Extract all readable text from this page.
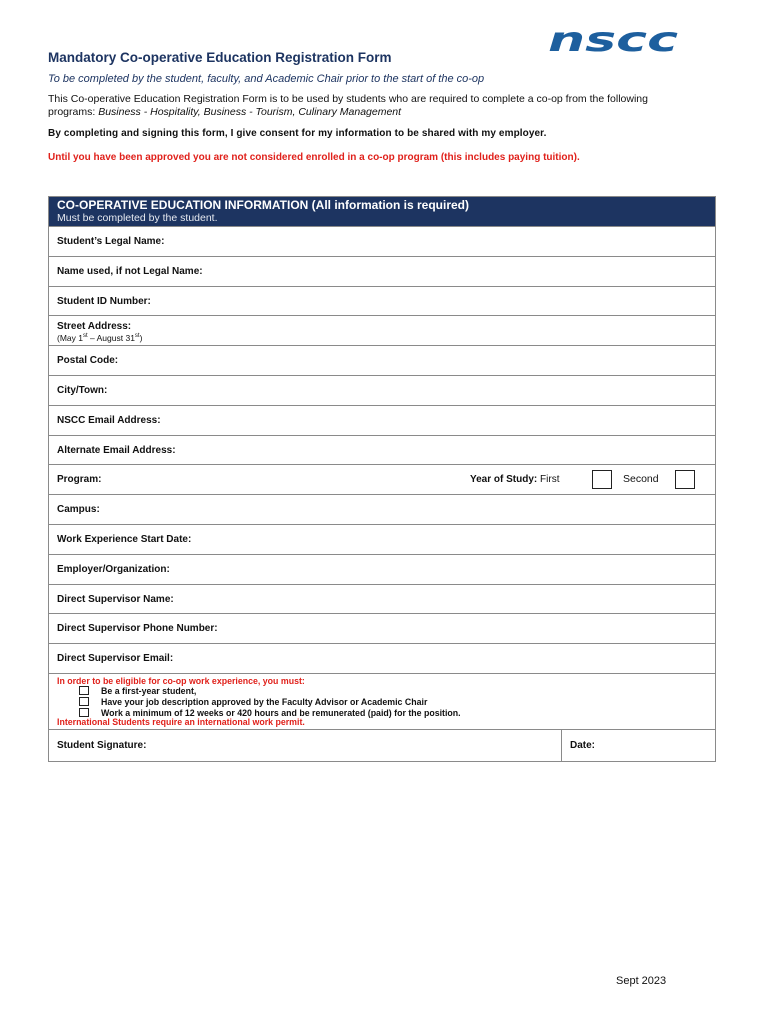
nscc
Mandatory Co-operative Education Registration Form
To be completed by the student, faculty, and Academic Chair prior to the start of the co-op
This Co-operative Education Registration Form is to be used by students who are required to complete a co-op from the following programs: Business - Hospitality, Business - Tourism, Culinary Management
By completing and signing this form, I give consent for my information to be shared with my employer.
Until you have been approved you are not considered enrolled in a co-op program (this includes paying tuition).
CO-OPERATIVE EDUCATION INFORMATION (All information is required)
Must be completed by the student.
Student’s Legal Name:
Name used, if not Legal Name:
Student ID Number:
Street Address:
(May 1st – August 31st)
Postal Code:
City/Town:
NSCC Email Address:
Alternate Email Address:
Program:	Year of Study: First	Second
Campus:
Work Experience Start Date:
Employer/Organization:
Direct Supervisor Name:
Direct Supervisor Phone Number:
Direct Supervisor Email:
In order to be eligible for co-op work experience, you must:
Be a first-year student,
Have your job description approved by the Faculty Advisor or Academic Chair
Work a minimum of 12 weeks or 420 hours and be remunerated (paid) for the position.
International Students require an international work permit.
Student Signature:	Date:
Sept 2023
